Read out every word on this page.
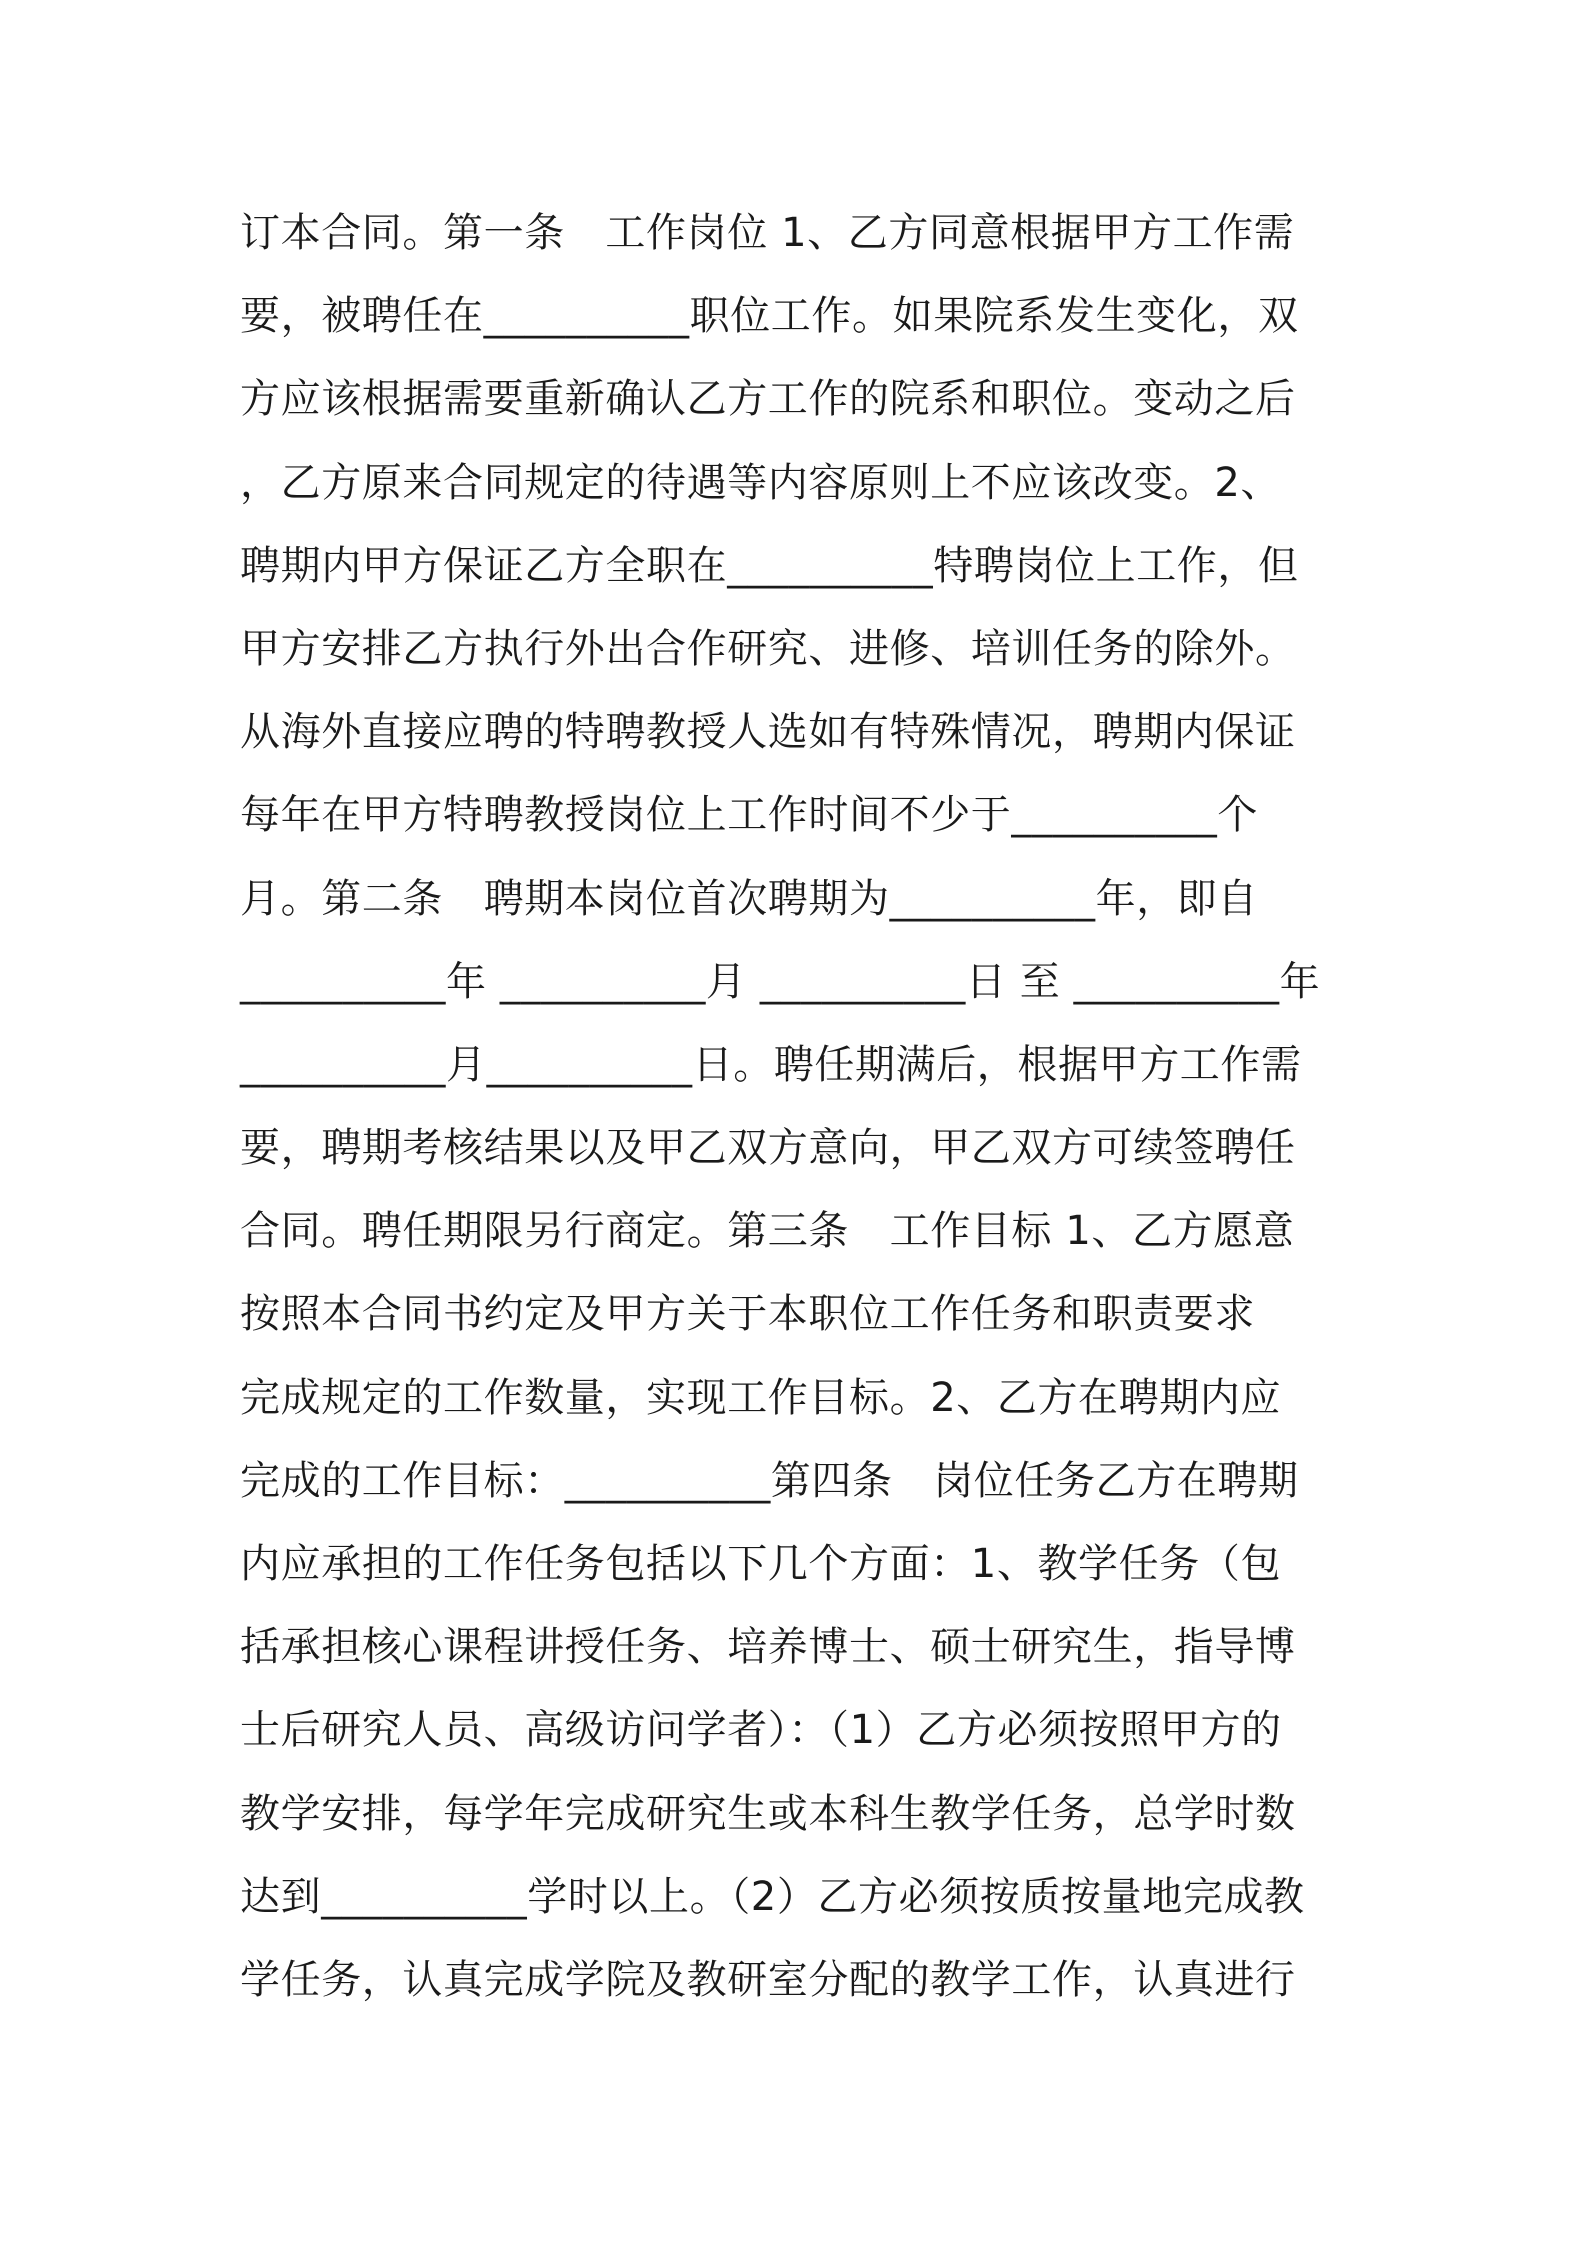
订本合同。第一条　工作岗位 1、乙方同意根据甲方工作需
要，被聘任在__________职位工作。如果院系发生变化，双
方应该根据需要重新确认乙方工作的院系和职位。变动之后
，乙方原来合同规定的待遇等内容原则上不应该改变。2、
聘期内甲方保证乙方全职在__________特聘岗位上工作，但
甲方安排乙方执行外出合作研究、进修、培训任务的除外。
从海外直接应聘的特聘教授人选如有特殊情况，聘期内保证
每年在甲方特聘教授岗位上工作时间不少于__________个
月。第二条　聘期本岗位首次聘期为__________年，即自
__________年 __________月 __________日 至 __________年
__________月__________日。聘任期满后，根据甲方工作需
要，聘期考核结果以及甲乙双方意向，甲乙双方可续签聘任
合同。聘任期限另行商定。第三条　工作目标 1、乙方愿意
按照本合同书约定及甲方关于本职位工作任务和职责要求
完成规定的工作数量，实现工作目标。2、乙方在聘期内应
完成的工作目标：__________第四条　岗位任务乙方在聘期
内应承担的工作任务包括以下几个方面：1、教学任务（包
括承担核心课程讲授任务、培养博士、硕士研究生，指导博
士后研究人员、高级访问学者）：（1）乙方必须按照甲方的
教学安排，每学年完成研究生或本科生教学任务，总学时数
达到__________学时以上。（2）乙方必须按质按量地完成教
学任务，认真完成学院及教研室分配的教学工作，认真进行
